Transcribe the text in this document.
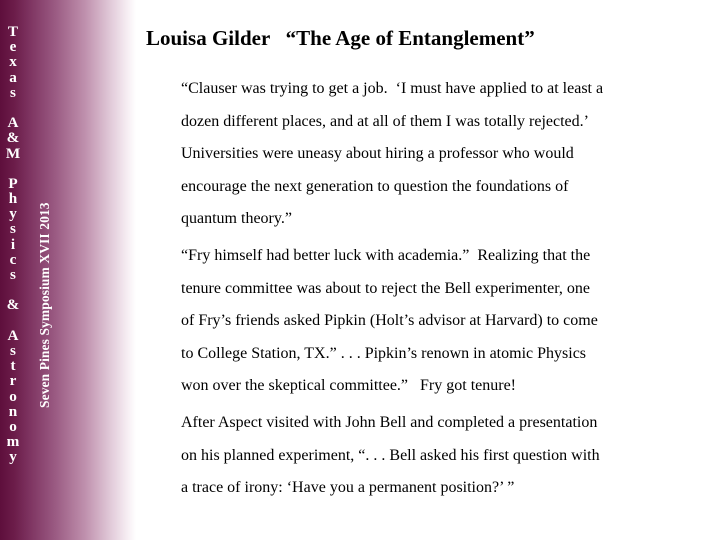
T
e
x
a
s
A
&
M
P
h
y
s
i
c
s
&
A
s
t
r
o
n
o
m
y
Seven Pines Symposium XVII 2013
Louisa Gilder   “The Age of Entanglement”
“Clauser was trying to get a job.  ‘I must have applied to at least a
dozen different places, and at all of them I was totally rejected.’
Universities were uneasy about hiring a professor who would
encourage the next generation to question the foundations of
quantum theory.”
“Fry himself had better luck with academia.”  Realizing that the
tenure committee was about to reject the Bell experimenter, one
of Fry’s friends asked Pipkin (Holt’s advisor at Harvard) to come
to College Station, TX.” . . . Pipkin’s renown in atomic Physics
won over the skeptical committee.”   Fry got tenure!
After Aspect visited with John Bell and completed a presentation
on his planned experiment, “. . . Bell asked his first question with
a trace of irony: ‘Have you a permanent position?’ ”
